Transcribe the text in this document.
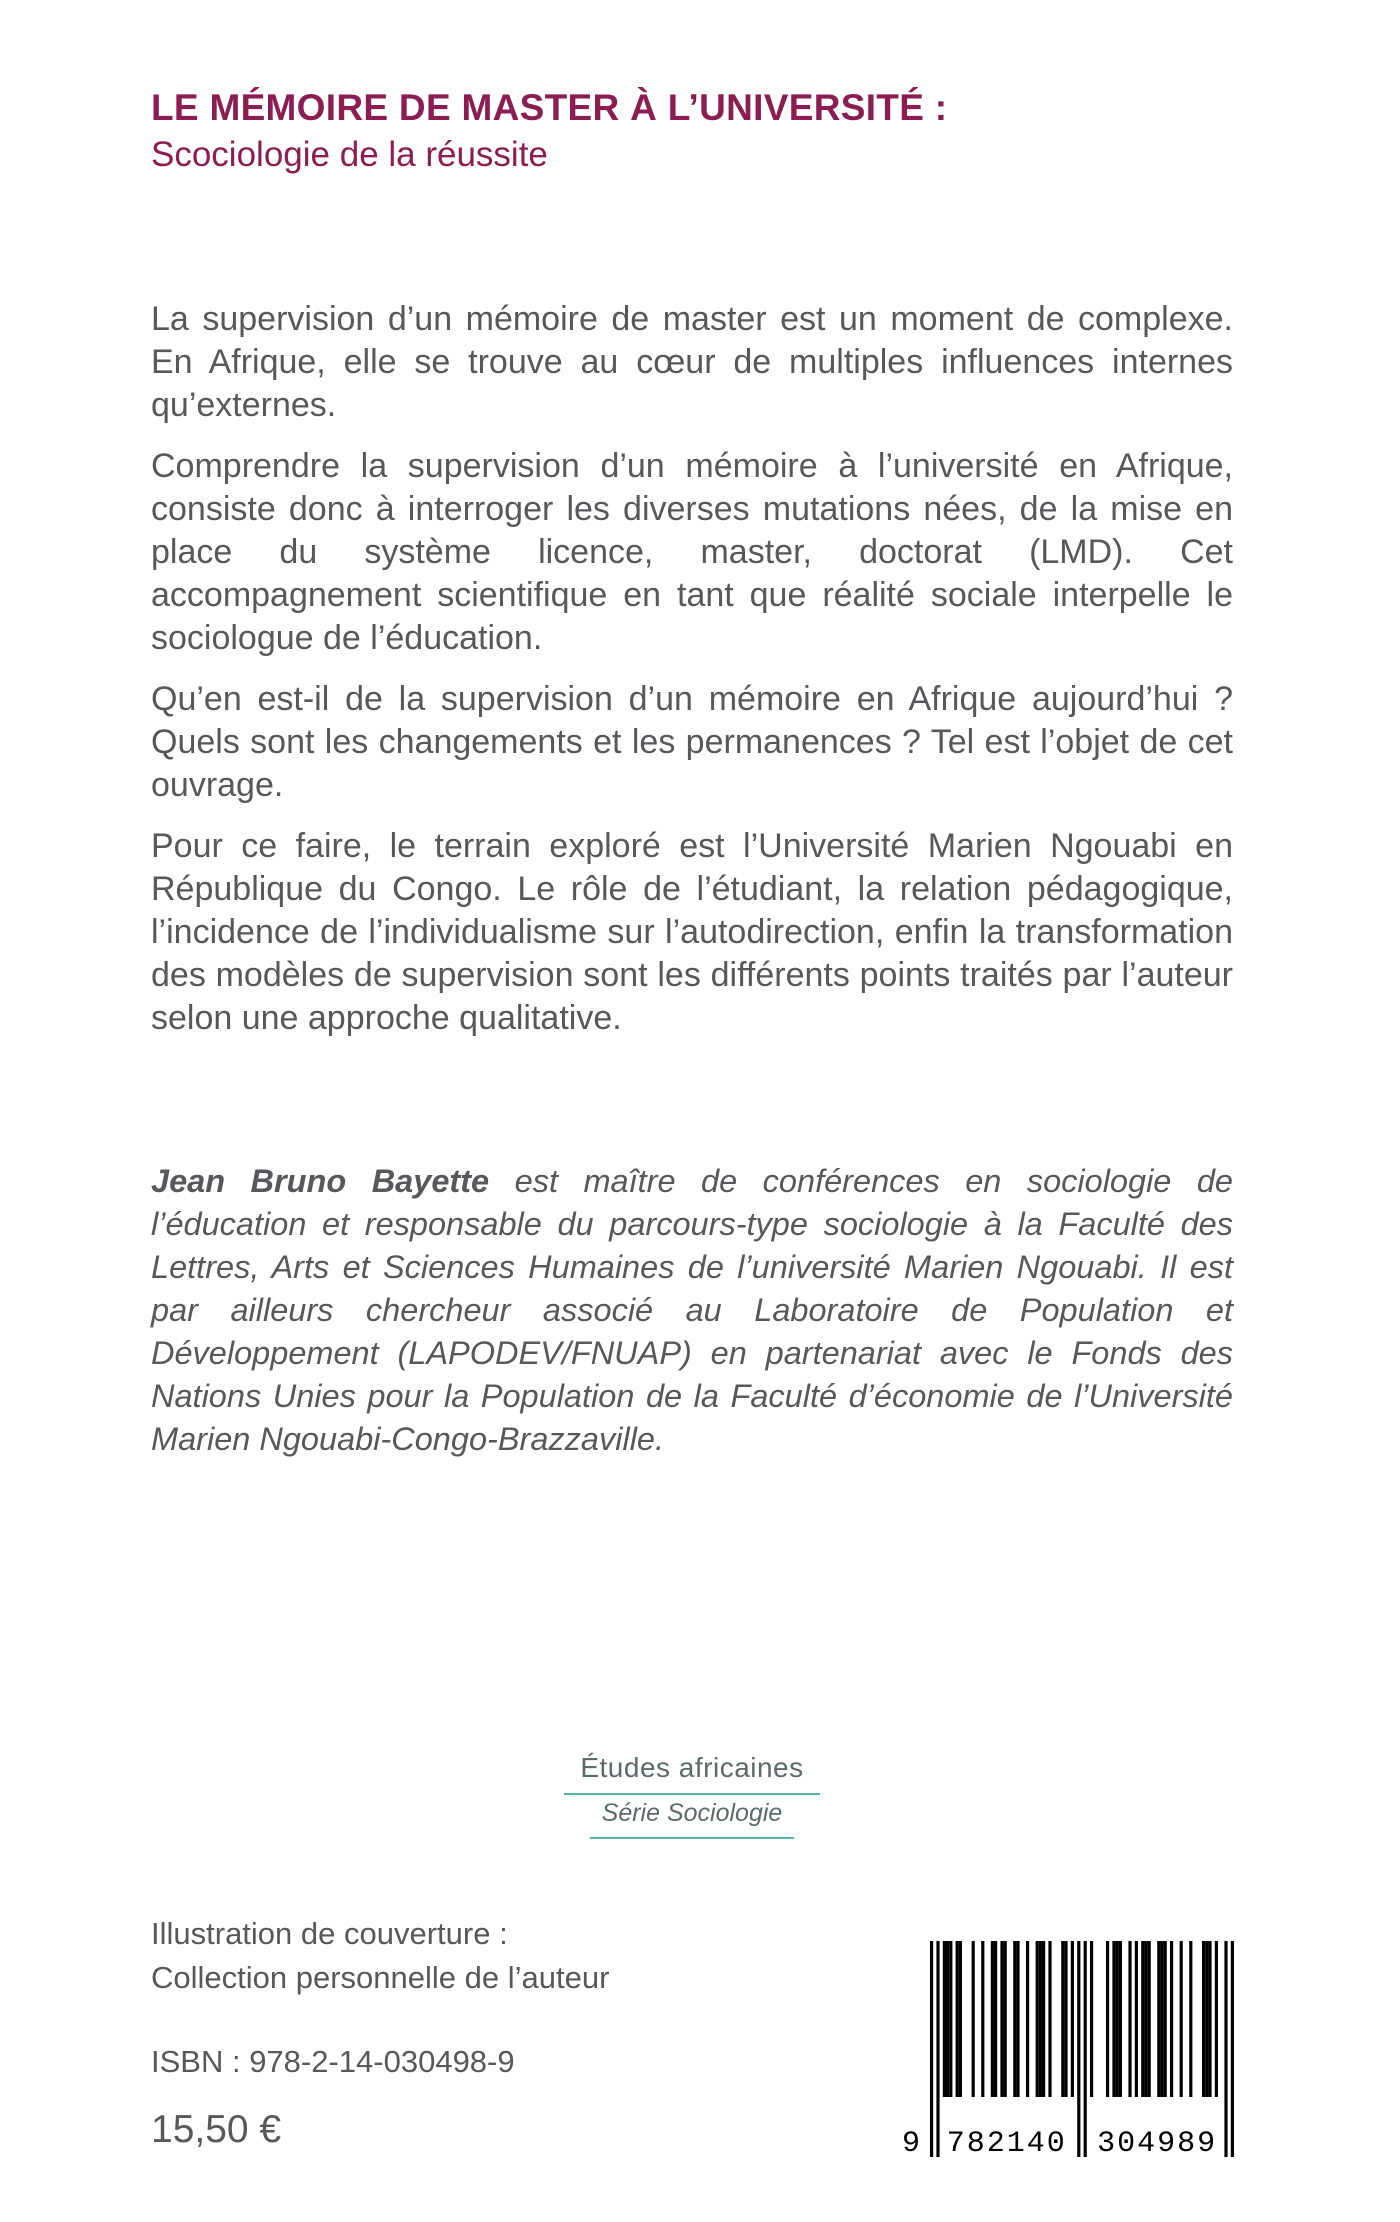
LE MÉMOIRE DE MASTER À L’UNIVERSITÉ :
Scociologie de la réussite

La supervision d’un mémoire de master est un moment de complexe. En Afrique, elle se trouve au cœur de multiples influences internes qu’externes.

Comprendre la supervision d’un mémoire à l’université en Afrique, consiste donc à interroger les diverses mutations nées, de la mise en place du système licence, master, doctorat (LMD). Cet accompagnement scientifique en tant que réalité sociale interpelle le sociologue de l’éducation.

Qu’en est-il de la supervision d’un mémoire en Afrique aujourd’hui ? Quels sont les changements et les permanences ? Tel est l’objet de cet ouvrage.

Pour ce faire, le terrain exploré est l’Université Marien Ngouabi en République du Congo. Le rôle de l’étudiant, la relation pédagogique, l’incidence de l’individualisme sur l’autodirection, enfin la transformation des modèles de supervision sont les différents points traités par l’auteur selon une approche qualitative.

Jean Bruno Bayette est maître de conférences en sociologie de l’éducation et responsable du parcours-type sociologie à la Faculté des Lettres, Arts et Sciences Humaines de l’université Marien Ngouabi. Il est par ailleurs chercheur associé au Laboratoire de Population et Développement (LAPODEV/FNUAP) en partenariat avec le Fonds des Nations Unies pour la Population de la Faculté d’économie de l’Université Marien Ngouabi-Congo-Brazzaville.

Études africaines
Série Sociologie
Illustration de couverture :
Collection personnelle de l’auteur
ISBN : 978-2-14-030498-9
15,50 €	9 782140 304989
